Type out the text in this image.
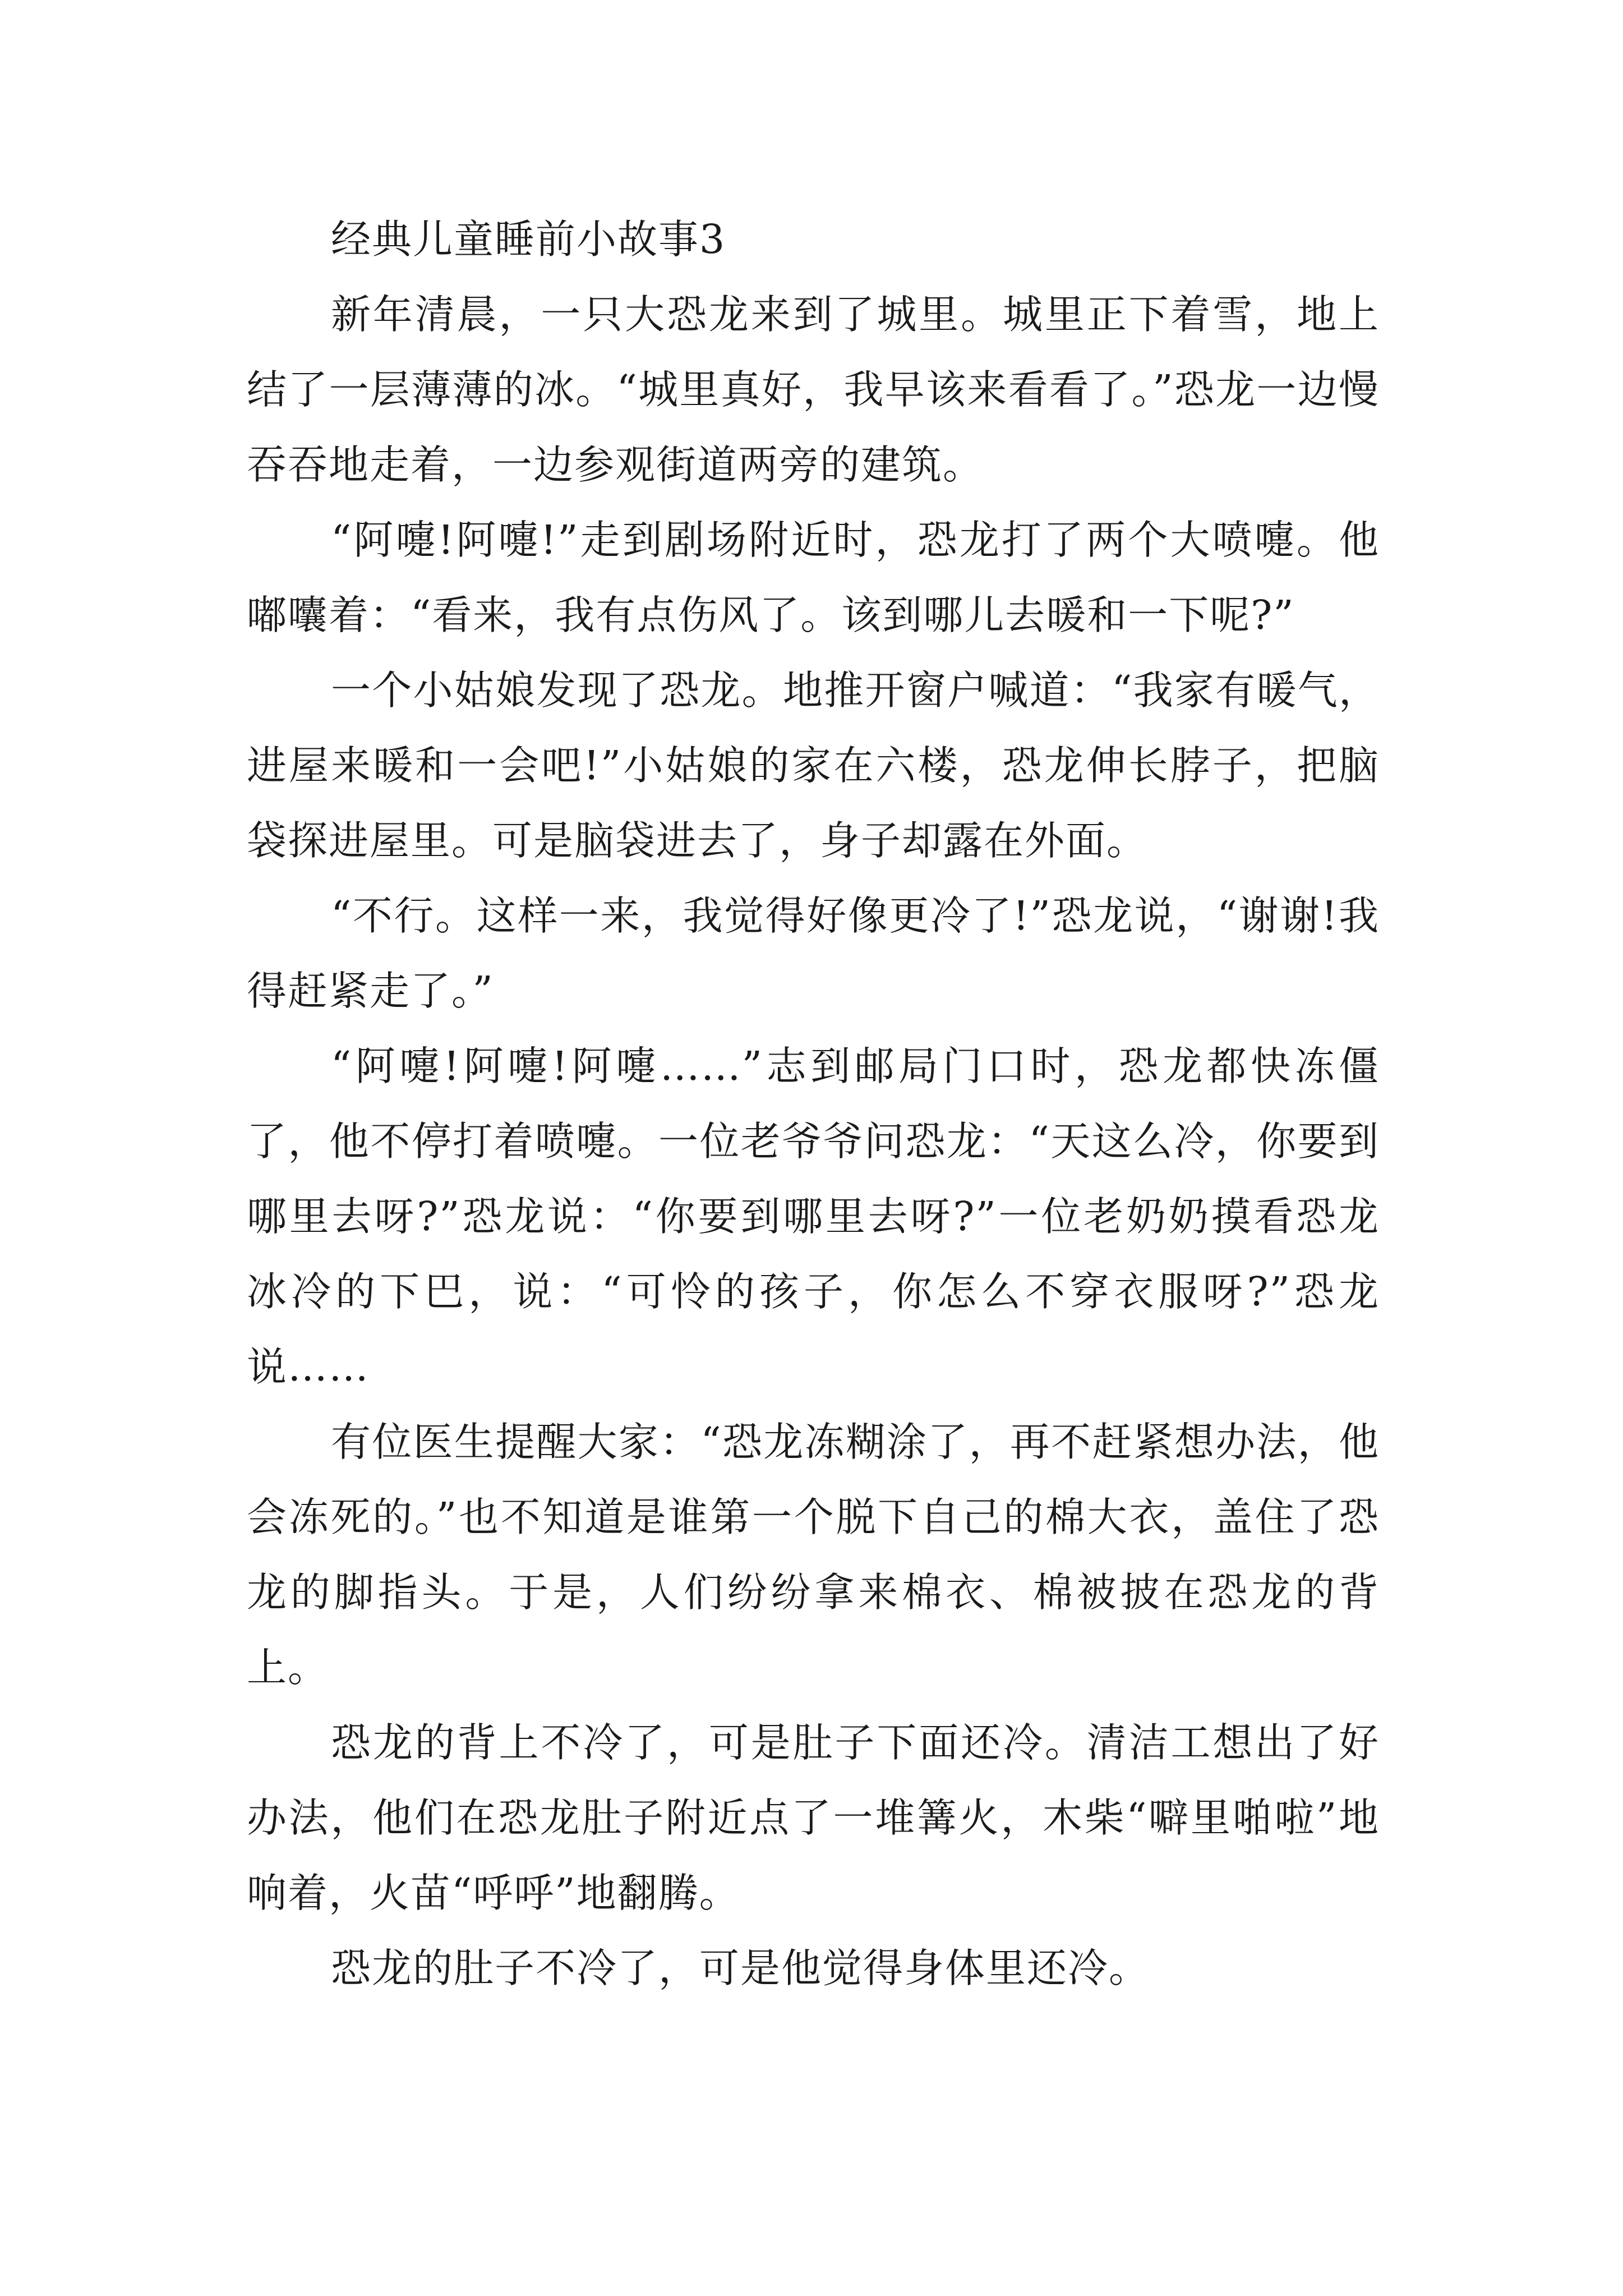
经典儿童睡前小故事3

新年清晨，一只大恐龙来到了城里。城里正下着雪，地上结了一层薄薄的冰。“城里真好，我早该来看看了。”恐龙一边慢吞吞地走着，一边参观街道两旁的建筑。

“阿嚏!阿嚏!”走到剧场附近时，恐龙打了两个大喷嚏。他嘟囔着：“看来，我有点伤风了。该到哪儿去暖和一下呢?”

一个小姑娘发现了恐龙。地推开窗户喊道：“我家有暖气，进屋来暖和一会吧!”小姑娘的家在六楼，恐龙伸长脖子，把脑袋探进屋里。可是脑袋进去了，身子却露在外面。

“不行。这样一来，我觉得好像更冷了!”恐龙说，“谢谢!我得赶紧走了。”

“阿嚏!阿嚏!阿嚏……”志到邮局门口时，恐龙都快冻僵了，他不停打着喷嚏。一位老爷爷问恐龙：“天这么冷，你要到哪里去呀?”恐龙说：“你要到哪里去呀?”一位老奶奶摸看恐龙冰冷的下巴，说：“可怜的孩子，你怎么不穿衣服呀?”恐龙说……

有位医生提醒大家：“恐龙冻糊涂了，再不赶紧想办法，他会冻死的。”也不知道是谁第一个脱下自己的棉大衣，盖住了恐龙的脚指头。于是，人们纷纷拿来棉衣、棉被披在恐龙的背上。

恐龙的背上不冷了，可是肚子下面还冷。清洁工想出了好办法，他们在恐龙肚子附近点了一堆篝火，木柴“噼里啪啦”地响着，火苗“呼呼”地翻腾。

恐龙的肚子不冷了，可是他觉得身体里还冷。
